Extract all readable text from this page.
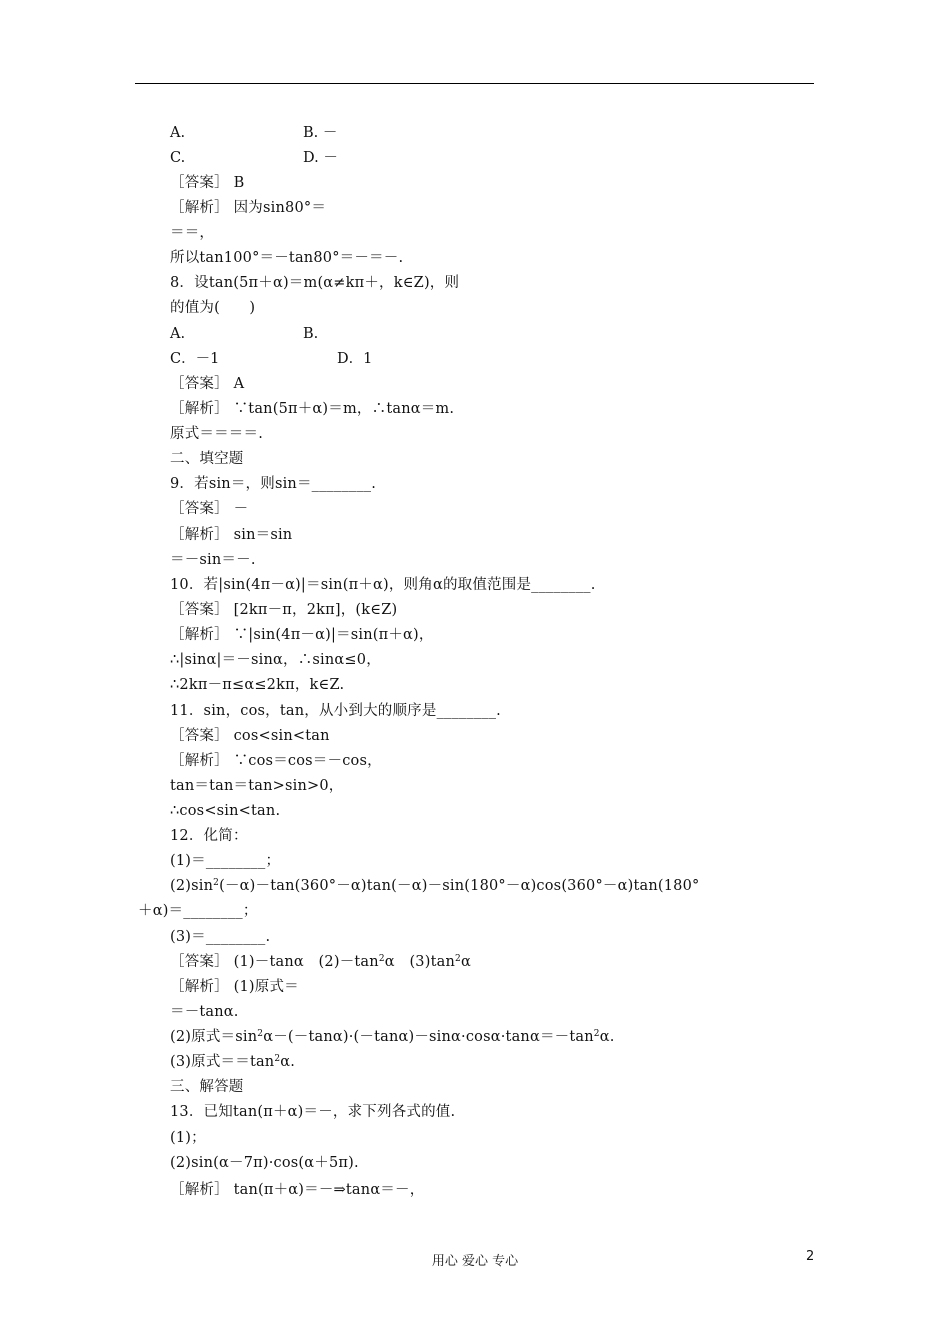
A.	B. －
C.	D. －
［答案］ B
［解析］ 因为sin80°＝
＝＝，
所以tan100°＝－tan80°＝－＝－.
8．设tan(5π＋α)＝m(α≠kπ＋，k∈Z)，则
的值为(　　)
A.	B.
C．－1	D．1
［答案］ A
［解析］ ∵tan(5π＋α)＝m，∴tanα＝m.
原式＝＝＝＝.
二、填空题
9．若sin＝，则sin＝________.
［答案］ －
［解析］ sin＝sin
＝－sin＝－.
10．若|sin(4π－α)|＝sin(π＋α)，则角α的取值范围是________.
［答案］ [2kπ－π，2kπ]，(k∈Z)
［解析］ ∵|sin(4π－α)|＝sin(π＋α)，
∴|sinα|＝－sinα，∴sinα≤0，
∴2kπ－π≤α≤2kπ，k∈Z.
11．sin，cos，tan，从小到大的顺序是________.
［答案］ cos<sin<tan
［解析］ ∵cos＝cos＝－cos，
tan＝tan＝tan>sin>0，
∴cos<sin<tan.
12．化简：
(1)＝________；
$(2)\sin^2(-\alpha)-\tan(360^\circ-\alpha)\tan(-\alpha)-\sin(180^\circ-\alpha)\cos(360^\circ-\alpha)\tan(180^\circ$
＋α)＝________；
(3)＝________.
［答案］ (1)－tanα　$(2)-\tan^2\alpha$　$(3)\tan^2\alpha$
［解析］ (1)原式＝
＝－tanα.
(2)原式$=\sin^2\alpha-(-\tan\alpha)\cdot(-\tan\alpha)-\sin\alpha\cdot\cos\alpha\cdot\tan\alpha=-\tan^2\alpha$.
(3)原式$==\tan^2\alpha$.
三、解答题
13．已知tan(π＋α)＝－，求下列各式的值.
(1)；
(2)sin(α－7π)·cos(α＋5π).
［解析］ tan(π＋α)＝－⇒tanα＝－，
用心 爱心 专心	2
